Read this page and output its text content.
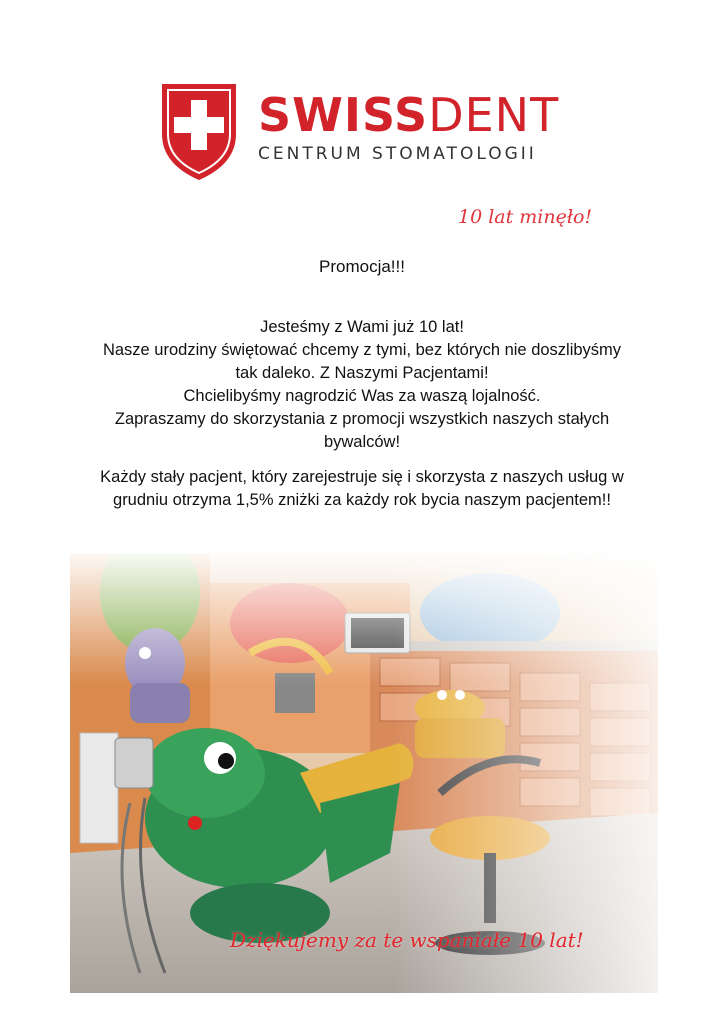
SWISSDENT
CENTRUM STOMATOLOGII
10 lat minęło!
Promocja!!!

Jesteśmy z Wami już 10 lat!
Nasze urodziny świętować chcemy z tymi, bez których nie doszlibyśmy
tak daleko. Z Naszymi Pacjentami!
Chcielibyśmy nagrodzić Was za waszą lojalność.
Zapraszamy do skorzystania z promocji wszystkich naszych stałych
bywalców!

Każdy stały pacjent, który zarejestruje się i skorzysta z naszych usług w
grudniu otrzyma 1,5% zniżki za każdy rok bycia naszym pacjentem!!

Dziękujemy za te wspaniałe 10 lat!
